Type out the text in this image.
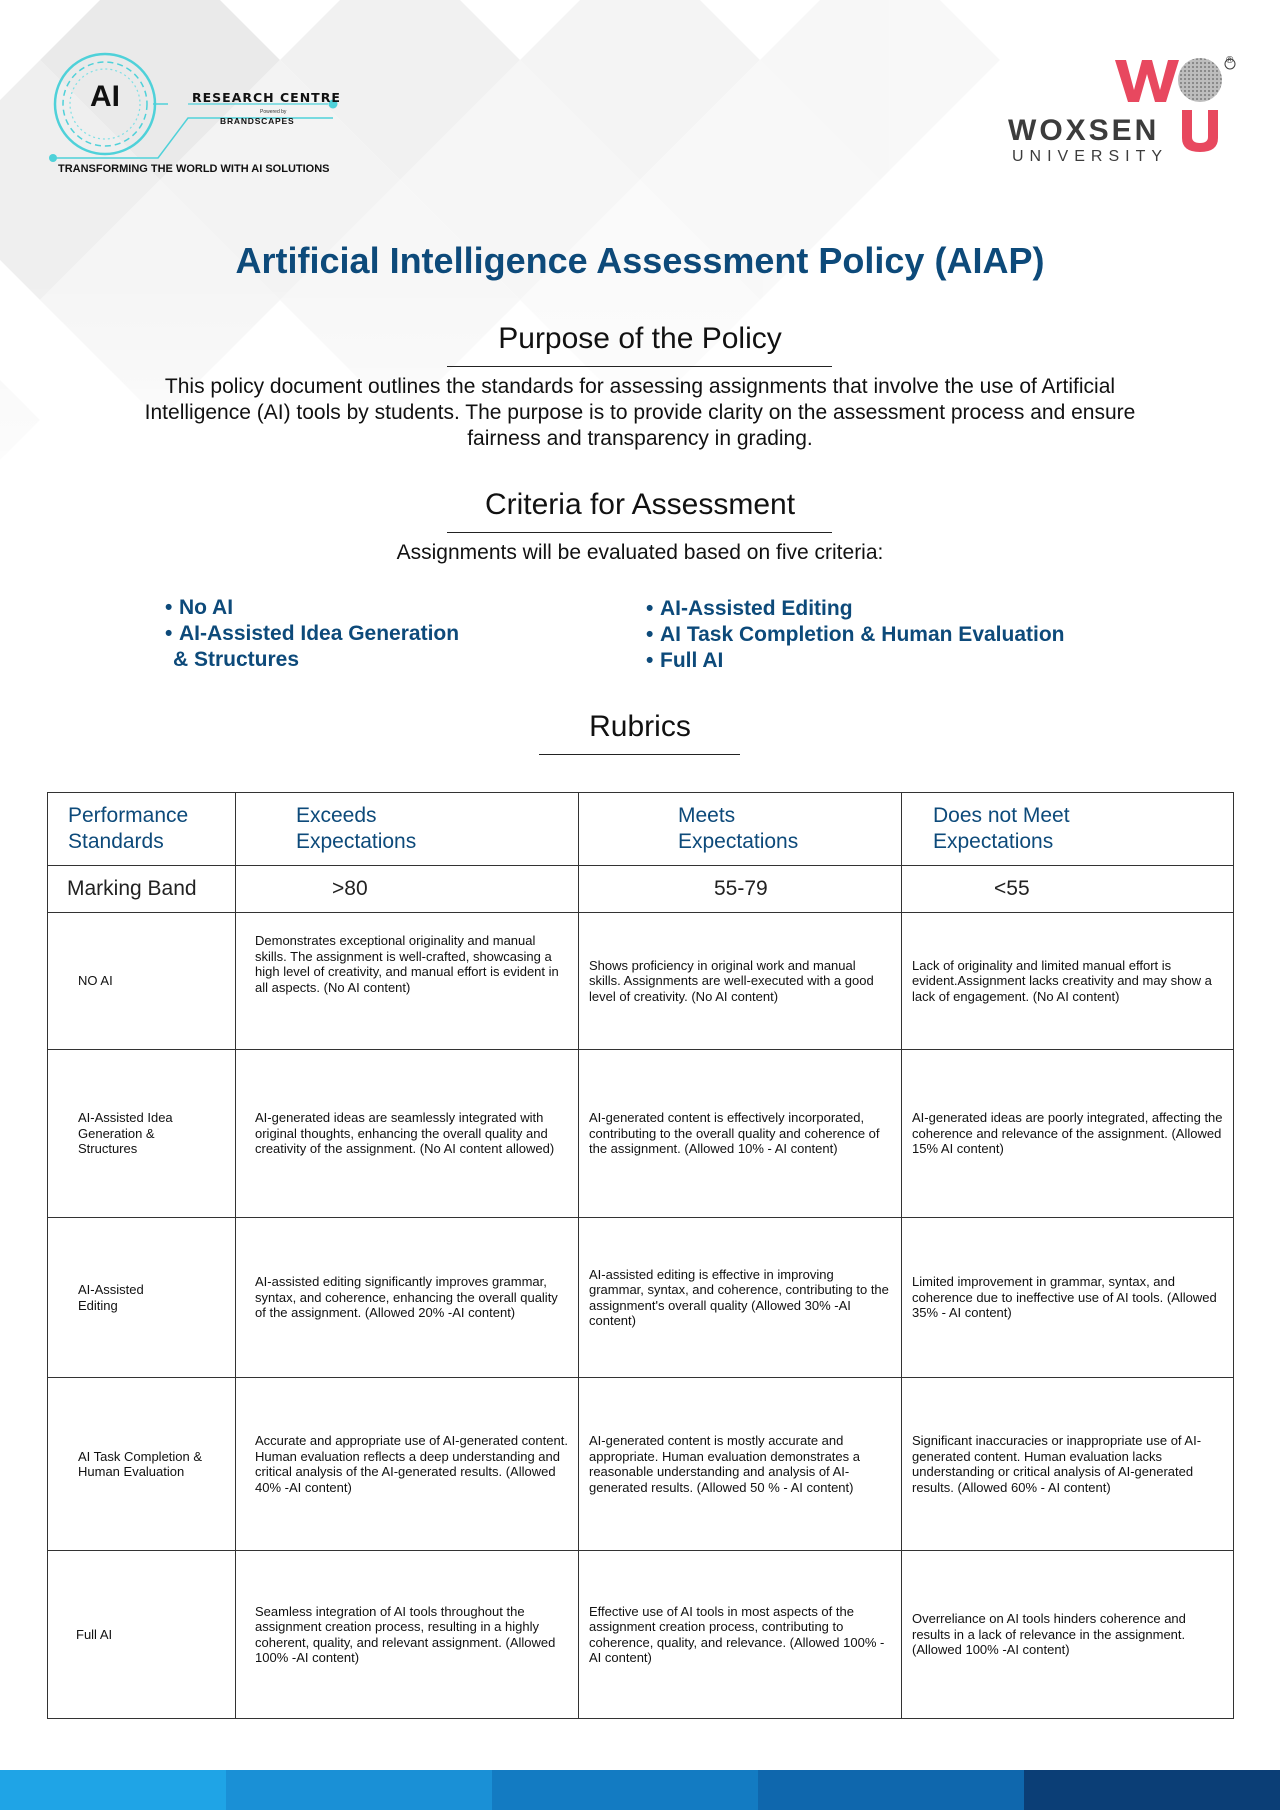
AI	RESEARCH CENTRE
Powered by
BRANDSCAPES
TRANSFORMING THE WORLD WITH AI SOLUTIONS
WOXSEN
UNIVERSITY
®
Artificial Intelligence Assessment Policy (AIAP)
Purpose of the Policy
This policy document outlines the standards for assessing assignments that involve the use of Artificial Intelligence (AI) tools by students. The purpose is to provide clarity on the assessment process and ensure fairness and transparency in grading.
Criteria for Assessment
Assignments will be evaluated based on five criteria:
• No AI
• AI-Assisted Idea Generation
& Structures
• AI-Assisted Editing
• AI Task Completion & Human Evaluation
• Full AI
Rubrics
Performance Standards	Exceeds Expectations	Meets Expectations	Does not Meet Expectations

Marking Band	>80	55-79	<55
NO AI	Demonstrates exceptional originality and manual skills. The assignment is well-crafted, showcasing a high level of creativity, and manual effort is evident in all aspects. (No AI content)	Shows proficiency in original work and manual skills. Assignments are well-executed with a good level of creativity. (No AI content)	Lack of originality and limited manual effort is evident.Assignment lacks creativity and may show a lack of engagement. (No AI content)

AI-Assisted Idea Generation & Structures	AI-generated ideas are seamlessly integrated with original thoughts, enhancing the overall quality and creativity of the assignment. (No AI content allowed)	AI-generated content is effectively incorporated, contributing to the overall quality and coherence of the assignment. (Allowed 10% - AI content)	AI-generated ideas are poorly integrated, affecting the coherence and relevance of the assignment. (Allowed 15% AI content)

AI-Assisted Editing	AI-assisted editing significantly improves grammar, syntax, and coherence, enhancing the overall quality of the assignment. (Allowed 20% -AI content)	AI-assisted editing is effective in improving grammar, syntax, and coherence, contributing to the assignment's overall quality (Allowed 30% -AI content)	Limited improvement in grammar, syntax, and coherence due to ineffective use of AI tools. (Allowed 35% - AI content)

AI Task Completion & Human Evaluation	Accurate and appropriate use of AI-generated content. Human evaluation reflects a deep understanding and critical analysis of the AI-generated results. (Allowed 40% -AI content)	AI-generated content is mostly accurate and appropriate. Human evaluation demonstrates a reasonable understanding and analysis of AI-generated results. (Allowed 50 % - AI content)	Significant inaccuracies or inappropriate use of AI-generated content. Human evaluation lacks understanding or critical analysis of AI-generated results. (Allowed 60% - AI content)
Full AI	Seamless integration of AI tools throughout the assignment creation process, resulting in a highly coherent, quality, and relevant assignment. (Allowed 100% -AI content)	Effective use of AI tools in most aspects of the assignment creation process, contributing to coherence, quality, and relevance. (Allowed 100% -AI content)	Overreliance on AI tools hinders coherence and results in a lack of relevance in the assignment. (Allowed 100% -AI content)
